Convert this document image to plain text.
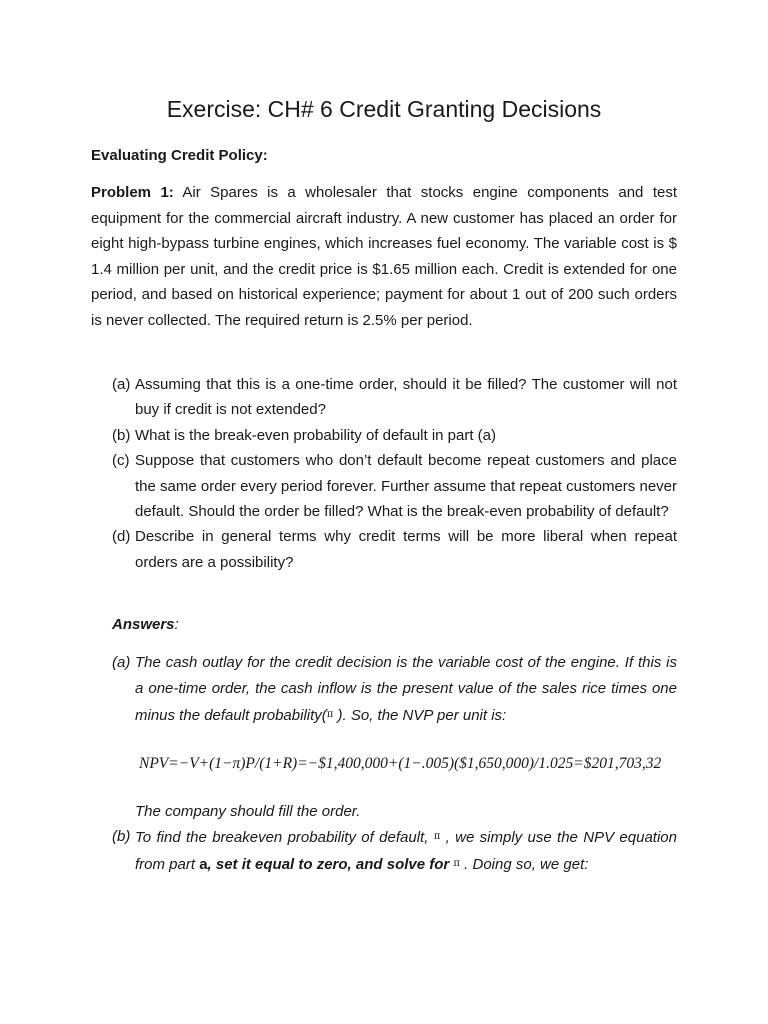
Exercise: CH# 6 Credit Granting Decisions
Evaluating Credit Policy:

Problem 1: Air Spares is a wholesaler that stocks engine components and test equipment for the commercial aircraft industry. A new customer has placed an order for eight high-bypass turbine engines, which increases fuel economy. The variable cost is $ 1.4 million per unit, and the credit price is $1.65 million each. Credit is extended for one period, and based on historical experience; payment for about 1 out of 200 such orders is never collected. The required return is 2.5% per period.

(a) Assuming that this is a one-time order, should it be filled? The customer will not buy if credit is not extended?
(b) What is the break-even probability of default in part (a)
(c) Suppose that customers who don’t default become repeat customers and place the same order every period forever. Further assume that repeat customers never default. Should the order be filled? What is the break-even probability of default?
(d) Describe in general terms why credit terms will be more liberal when repeat orders are a possibility?
Answers:
(a) The cash outlay for the credit decision is the variable cost of the engine. If this is a one-time order, the cash inflow is the present value of the sales rice times one minus the default probability($^\pi$ ). So, the NVP per unit is:
NPV=−V+(1−π)P/(1+R)=−$1,400,000+(1−.005)($1,650,000)/1.025=$201,703,32
The company should fill the order.
(b) To find the breakeven probability of default, $^\pi$ , we simply use the NPV equation from part a, set it equal to zero, and solve for $^\pi$ . Doing so, we get:
